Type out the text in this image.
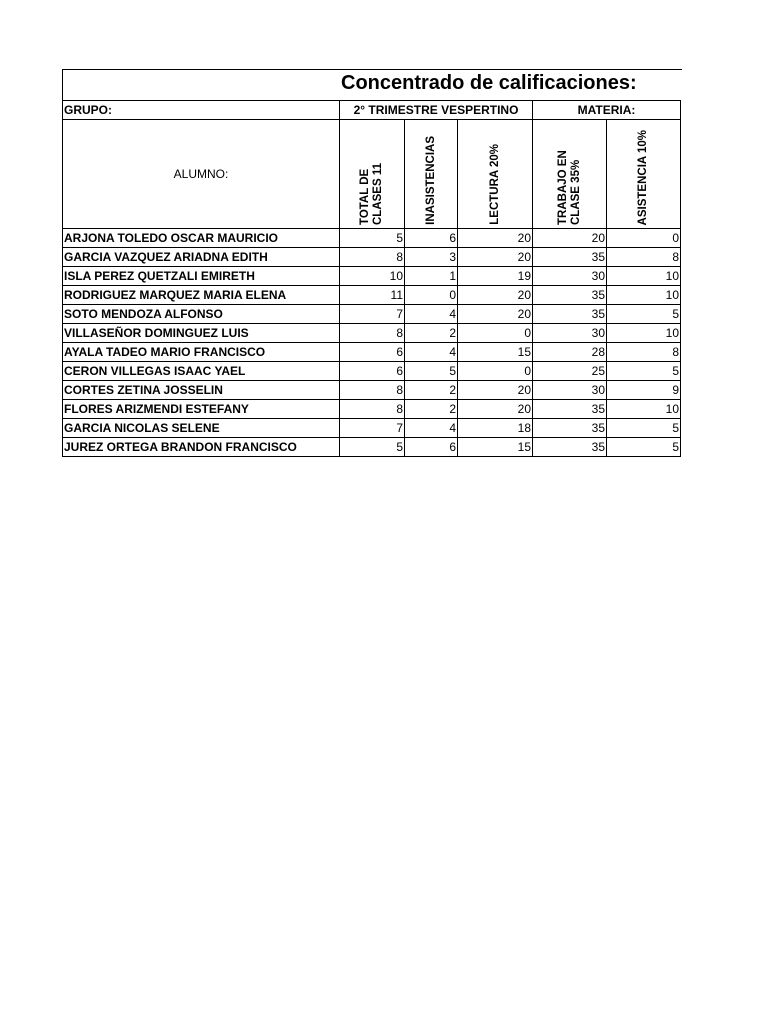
Concentrado de calificaciones:
GRUPO:	2° TRIMESTRE VESPERTINO			MATERIA:	
ALUMNO:	TOTAL DE CLASES 11	INASISTENCIAS	LECTURA 20%	TRABAJO EN CLASE 35%	ASISTENCIA 10%

ARJONA TOLEDO OSCAR MAURICIO	5	6	20	20	0
GARCIA VAZQUEZ ARIADNA EDITH	8	3	20	35	8
ISLA PEREZ QUETZALI EMIRETH	10	1	19	30	10
RODRIGUEZ MARQUEZ MARIA ELENA	11	0	20	35	10
SOTO MENDOZA ALFONSO	7	4	20	35	5
VILLASEÑOR DOMINGUEZ LUIS	8	2	0	30	10
AYALA TADEO MARIO FRANCISCO	6	4	15	28	8
CERON VILLEGAS ISAAC YAEL	6	5	0	25	5
CORTES ZETINA JOSSELIN	8	2	20	30	9
FLORES ARIZMENDI ESTEFANY	8	2	20	35	10
GARCIA NICOLAS SELENE	7	4	18	35	5
JUREZ ORTEGA BRANDON FRANCISCO	5	6	15	35	5
